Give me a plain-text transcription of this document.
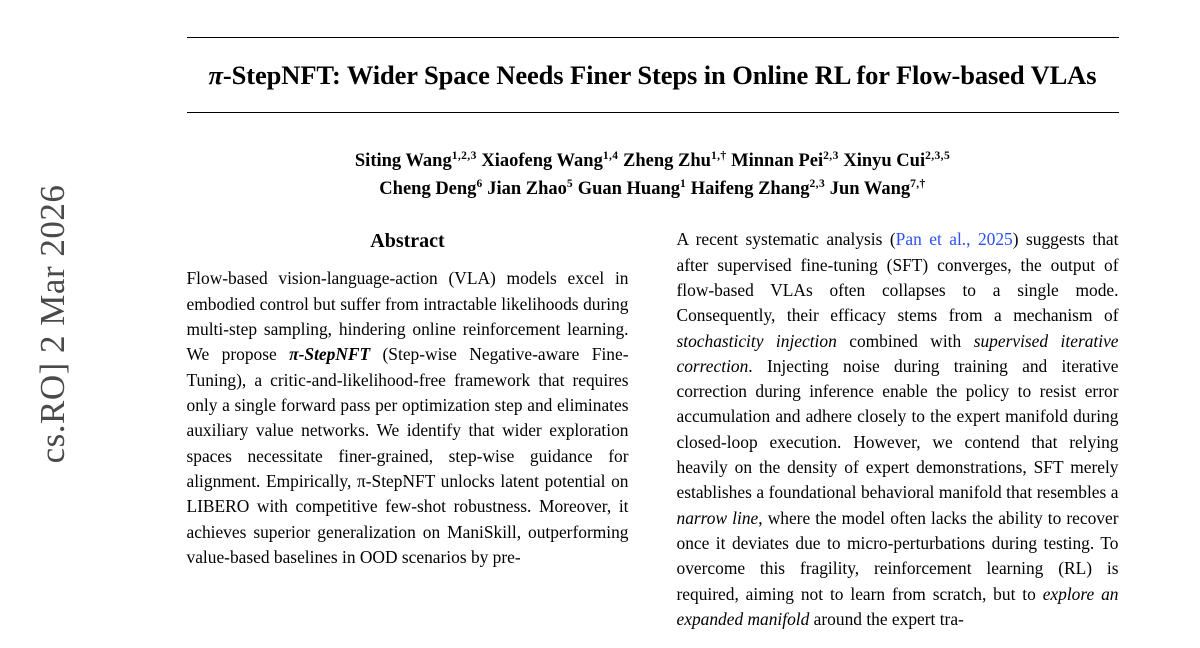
cs.RO] 2 Mar 2026
π-StepNFT: Wider Space Needs Finer Steps in Online RL for Flow-based VLAs
Siting Wang$^{1,2,3}$ Xiaofeng Wang$^{1,4}$ Zheng Zhu$^{1,\dagger}$ Minnan Pei$^{2,3}$ Xinyu Cui$^{2,3,5}$
Cheng Deng$^6$ Jian Zhao$^5$ Guan Huang$^1$ Haifeng Zhang$^{2,3}$ Jun Wang$^{7,\dagger}$
Abstract

Flow-based vision-language-action (VLA) models excel in embodied control but suffer from intractable likelihoods during multi-step sampling, hindering online reinforcement learning. We propose π-StepNFT (Step-wise Negative-aware Fine-Tuning), a critic-and-likelihood-free framework that requires only a single forward pass per optimization step and eliminates auxiliary value networks. We identify that wider exploration spaces necessitate finer-grained, step-wise guidance for alignment. Empirically, π-StepNFT unlocks latent potential on LIBERO with competitive few-shot robustness. Moreover, it achieves superior generalization on ManiSkill, outperforming value-based baselines in OOD scenarios by pre-

A recent systematic analysis (Pan et al., 2025) suggests that after supervised fine-tuning (SFT) converges, the output of flow-based VLAs often collapses to a single mode. Consequently, their efficacy stems from a mechanism of stochasticity injection combined with supervised iterative correction. Injecting noise during training and iterative correction during inference enable the policy to resist error accumulation and adhere closely to the expert manifold during closed-loop execution. However, we contend that relying heavily on the density of expert demonstrations, SFT merely establishes a foundational behavioral manifold that resembles a narrow line, where the model often lacks the ability to recover once it deviates due to micro-perturbations during testing. To overcome this fragility, reinforcement learning (RL) is required, aiming not to learn from scratch, but to explore an expanded manifold around the expert tra-
